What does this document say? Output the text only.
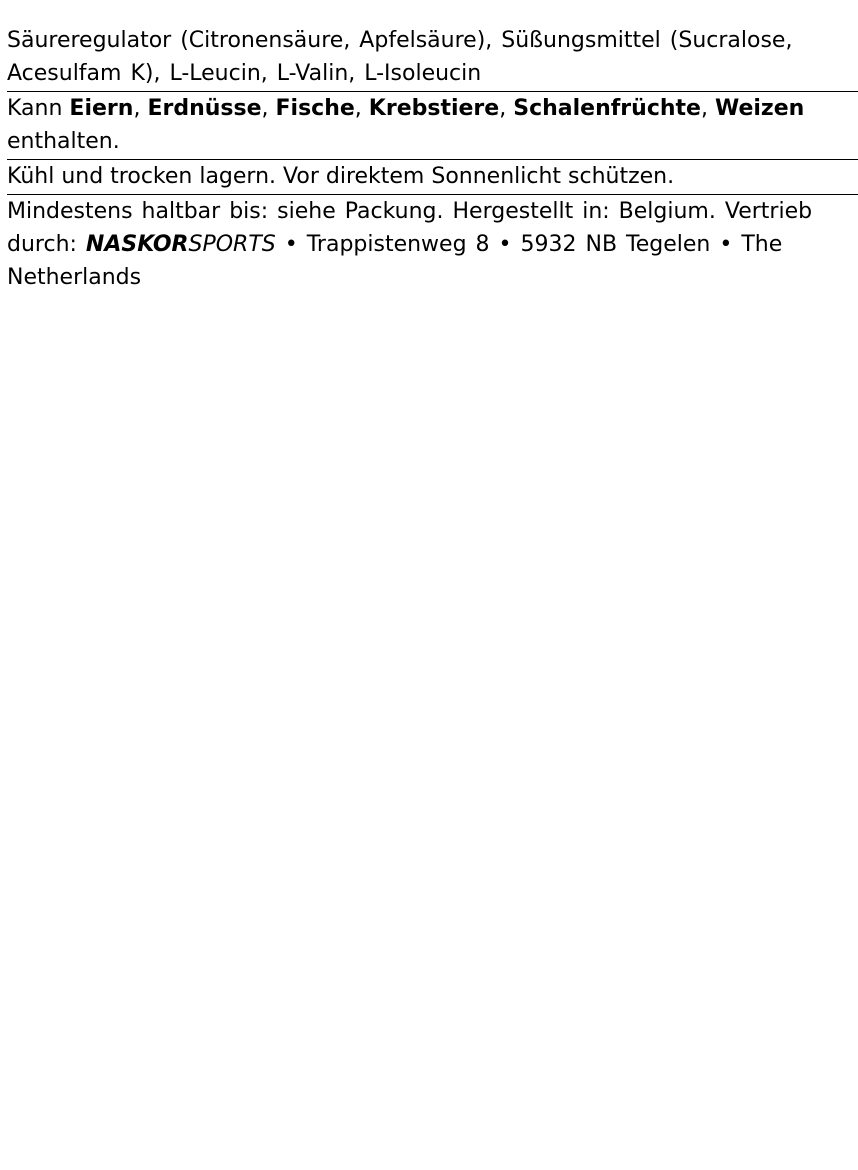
Säureregulator (Citronensäure, Apfelsäure), Süßungsmittel (Sucralose, Acesulfam K), L-Leucin, L-Valin, L-Isoleucin
Kann Eiern, Erdnüsse, Fische, Krebstiere, Schalenfrüchte, Weizen enthalten.
Kühl und trocken lagern. Vor direktem Sonnenlicht schützen.
Mindestens haltbar bis: siehe Packung. Hergestellt in: Belgium. Vertrieb durch: NASKORSPORTS • Trappistenweg 8 • 5932 NB Tegelen • The Netherlands
